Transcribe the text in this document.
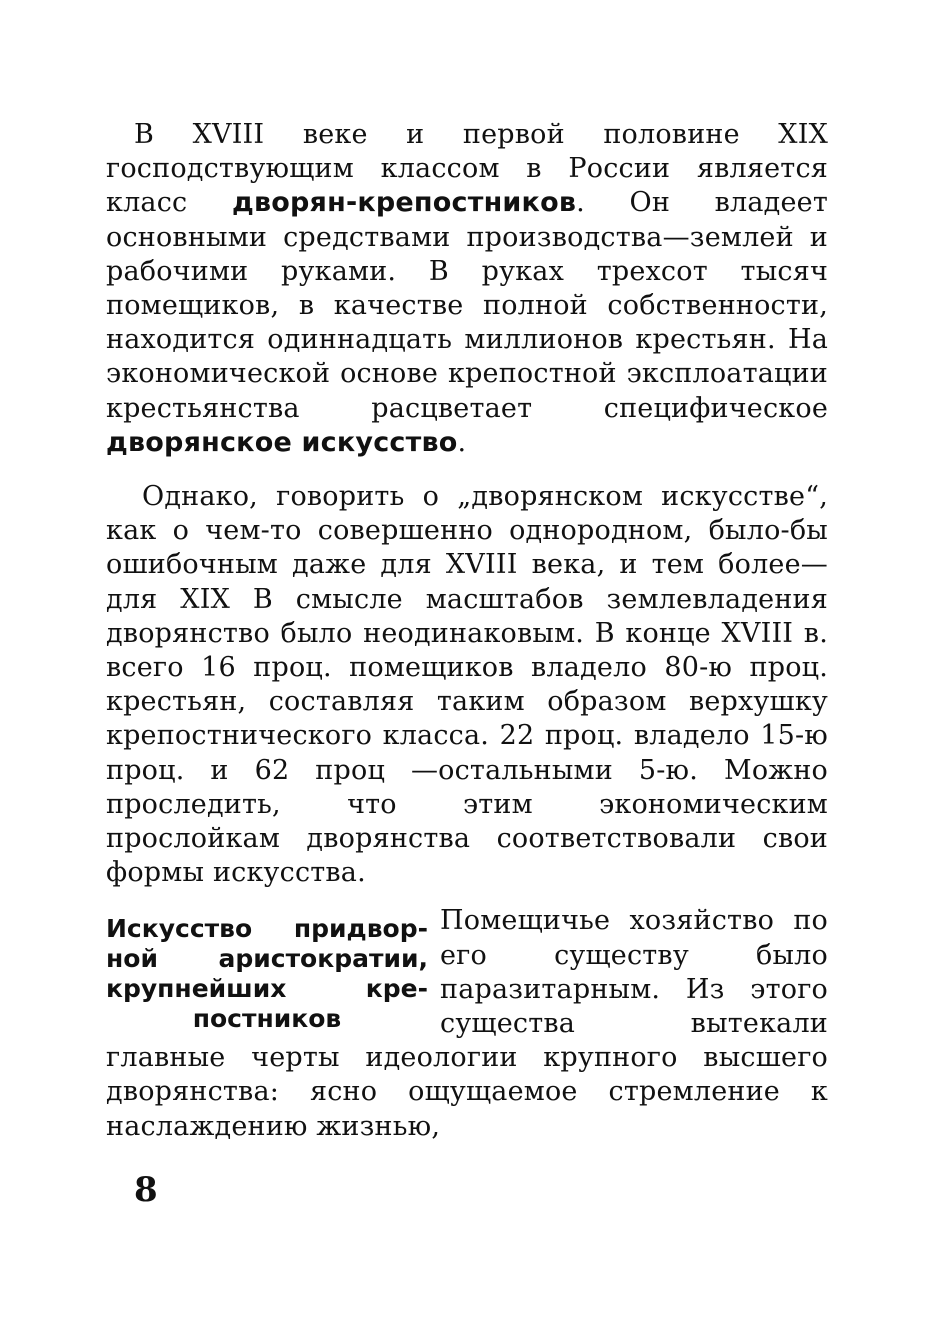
В XVIII веке и первой половине XIX господствующим классом в России является класс дворян-крепостников. Он владеет основными средствами производства—землей и рабочими руками. В руках трехсот тысяч помещиков, в качестве полной собственности, находится одиннадцать миллионов крестьян. На экономической основе крепостной эксплоатации крестьянства расцветает специфическое дворянское искусство.

Однако, говорить о „дворянском искусстве“, как о чем-то совершенно однородном, было-бы ошибочным даже для XVIII века, и тем более—для XIX В смысле масштабов землевладения дворянство было неодинаковым. В конце XVIII в. всего 16 проц. помещиков владело 80-ю проц. крестьян, составляя таким образом верхушку крепостнического класса. 22 проц. владело 15-ю проц. и 62 проц —остальными 5-ю. Можно проследить, что этим экономическим прослойкам дворянства соответствовали свои формы искусства.

Искусство придвор-
ной аристократии,
крупнейших кре-
постников

Помещичье хозяйство по его существу было паразитарным. Из этого существа вытекали главные черты идеологии крупного высшего дворянства: ясно ощущаемое стремление к наслаждению жизнью,

8
